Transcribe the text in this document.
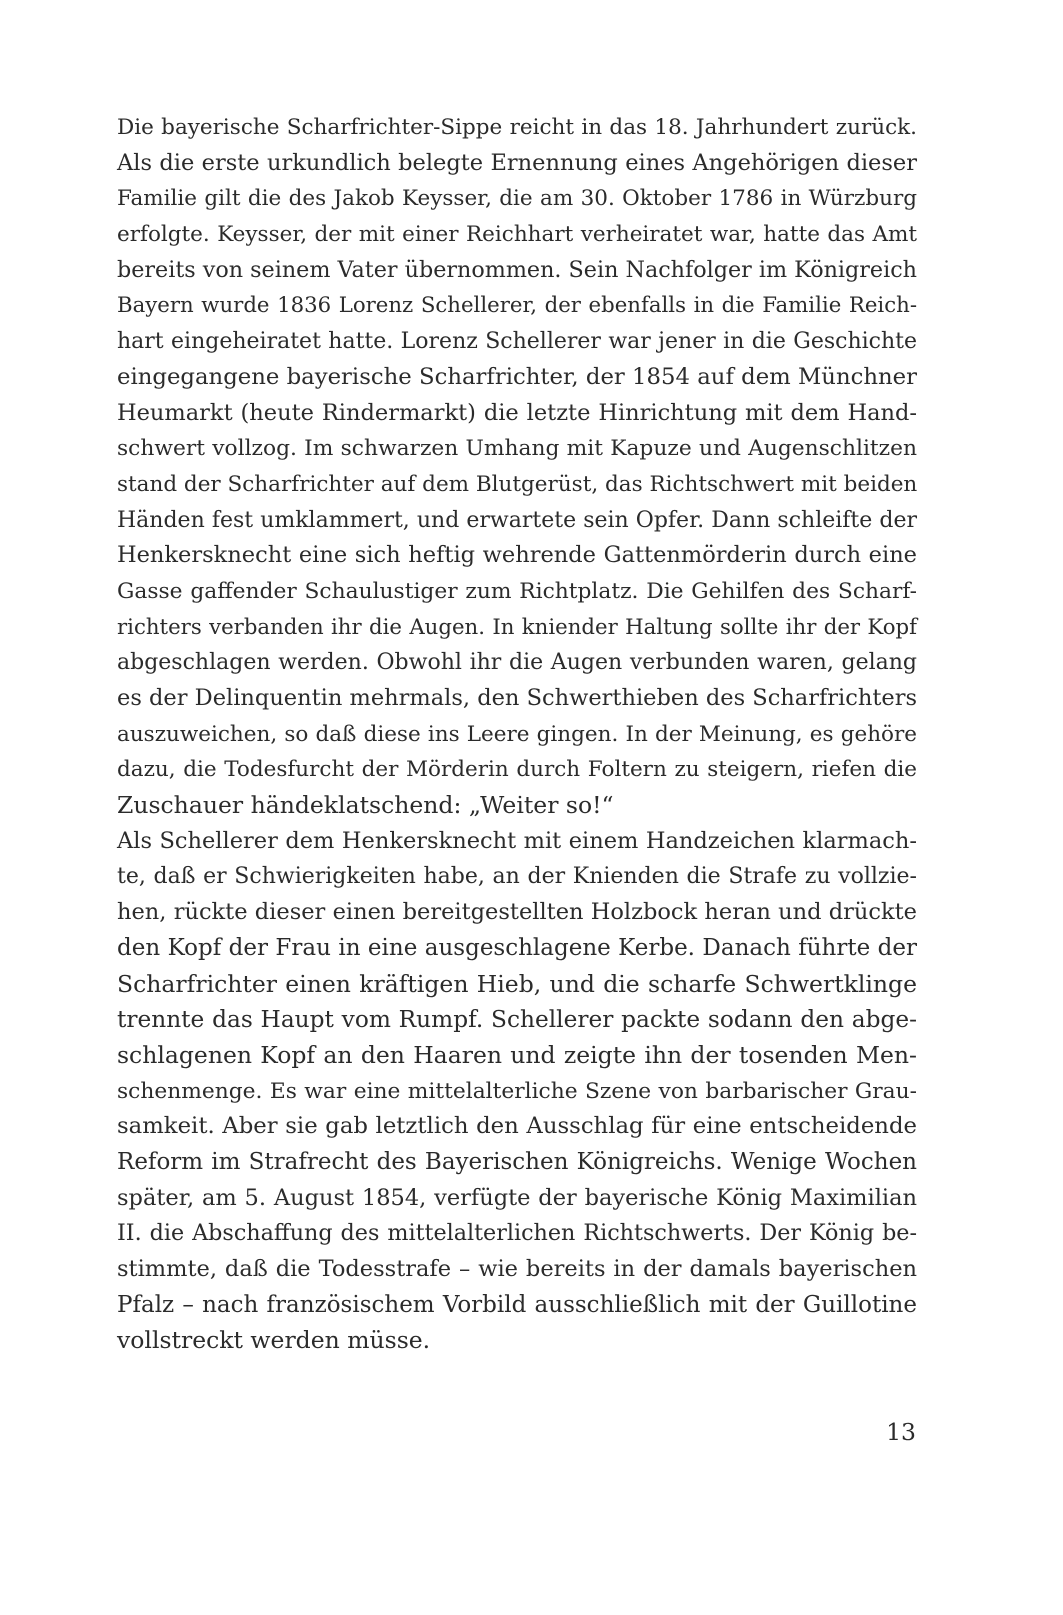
Die bayerische Scharfrichter-Sippe reicht in das 18. Jahrhundert zurück.
Als die erste urkundlich belegte Ernennung eines Angehörigen dieser
Familie gilt die des Jakob Keysser, die am 30. Oktober 1786 in Würzburg
erfolgte. Keysser, der mit einer Reichhart verheiratet war, hatte das Amt
bereits von seinem Vater übernommen. Sein Nachfolger im Königreich
Bayern wurde 1836 Lorenz Schellerer, der ebenfalls in die Familie Reich-
hart eingeheiratet hatte. Lorenz Schellerer war jener in die Geschichte
eingegangene bayerische Scharfrichter, der 1854 auf dem Münchner
Heumarkt (heute Rindermarkt) die letzte Hinrichtung mit dem Hand-
schwert vollzog. Im schwarzen Umhang mit Kapuze und Augenschlitzen
stand der Scharfrichter auf dem Blutgerüst, das Richtschwert mit beiden
Händen fest umklammert, und erwartete sein Opfer. Dann schleifte der
Henkersknecht eine sich heftig wehrende Gattenmörderin durch eine
Gasse gaffender Schaulustiger zum Richtplatz. Die Gehilfen des Scharf-
richters verbanden ihr die Augen. In kniender Haltung sollte ihr der Kopf
abgeschlagen werden. Obwohl ihr die Augen verbunden waren, gelang
es der Delinquentin mehrmals, den Schwerthieben des Scharfrichters
auszuweichen, so daß diese ins Leere gingen. In der Meinung, es gehöre
dazu, die Todesfurcht der Mörderin durch Foltern zu steigern, riefen die
Zuschauer händeklatschend: „Weiter so!“
Als Schellerer dem Henkersknecht mit einem Handzeichen klarmach-
te, daß er Schwierigkeiten habe, an der Knienden die Strafe zu vollzie-
hen, rückte dieser einen bereitgestellten Holzbock heran und drückte
den Kopf der Frau in eine ausgeschlagene Kerbe. Danach führte der
Scharfrichter einen kräftigen Hieb, und die scharfe Schwertklinge
trennte das Haupt vom Rumpf. Schellerer packte sodann den abge-
schlagenen Kopf an den Haaren und zeigte ihn der tosenden Men-
schenmenge. Es war eine mittelalterliche Szene von barbarischer Grau-
samkeit. Aber sie gab letztlich den Ausschlag für eine entscheidende
Reform im Strafrecht des Bayerischen Königreichs. Wenige Wochen
später, am 5. August 1854, verfügte der bayerische König Maximilian
II. die Abschaffung des mittelalterlichen Richtschwerts. Der König be-
stimmte, daß die Todesstrafe – wie bereits in der damals bayerischen
Pfalz – nach französischem Vorbild ausschließlich mit der Guillotine
vollstreckt werden müsse.
13
